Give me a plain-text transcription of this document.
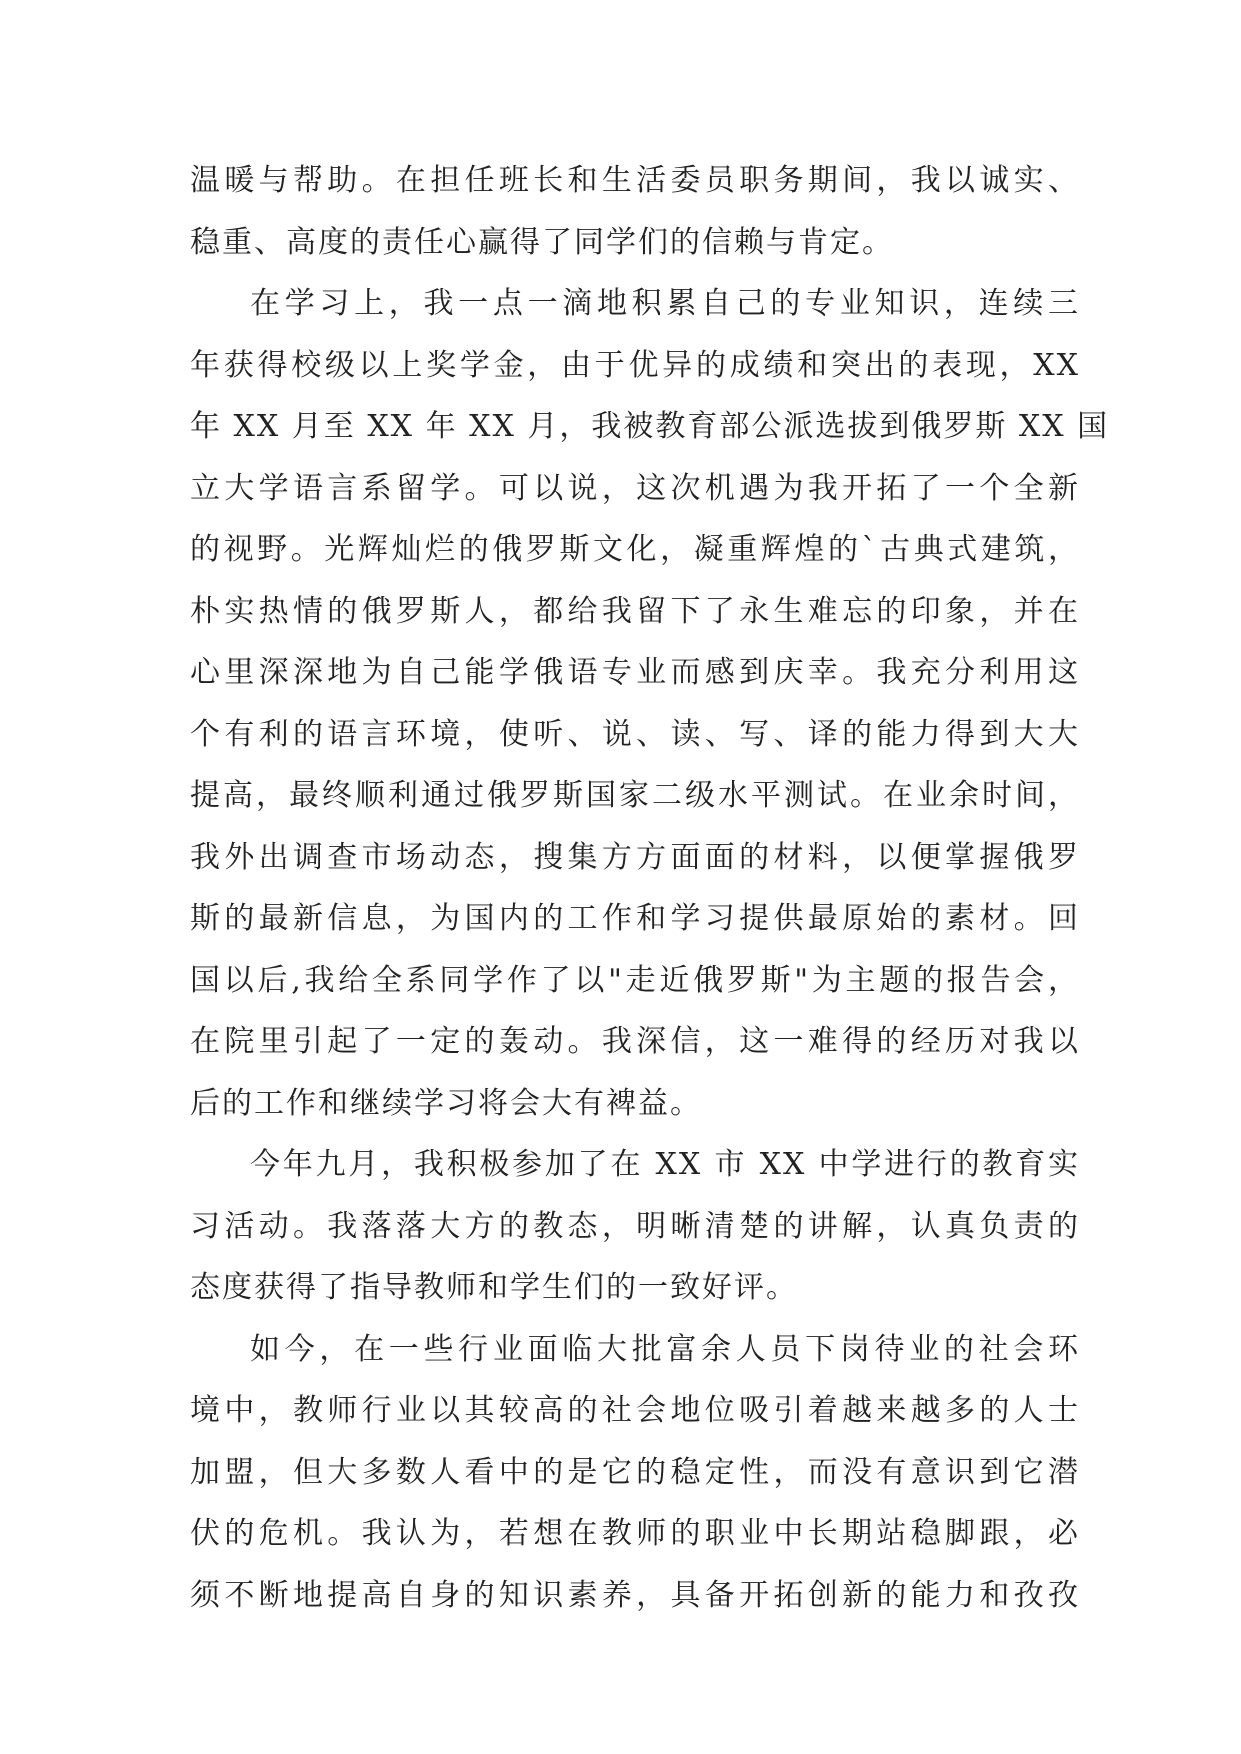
温暖与帮助。在担任班长和生活委员职务期间，我以诚实、
稳重、高度的责任心赢得了同学们的信赖与肯定。
在学习上，我一点一滴地积累自己的专业知识，连续三
年获得校级以上奖学金，由于优异的成绩和突出的表现，XX
年 XX 月至 XX 年 XX 月，我被教育部公派选拔到俄罗斯 XX 国
立大学语言系留学。可以说，这次机遇为我开拓了一个全新
的视野。光辉灿烂的俄罗斯文化，凝重辉煌的`古典式建筑，
朴实热情的俄罗斯人，都给我留下了永生难忘的印象，并在
心里深深地为自己能学俄语专业而感到庆幸。我充分利用这
个有利的语言环境，使听、说、读、写、译的能力得到大大
提高，最终顺利通过俄罗斯国家二级水平测试。在业余时间，
我外出调查市场动态，搜集方方面面的材料，以便掌握俄罗
斯的最新信息，为国内的工作和学习提供最原始的素材。回
国以后,我给全系同学作了以"走近俄罗斯"为主题的报告会，
在院里引起了一定的轰动。我深信，这一难得的经历对我以
后的工作和继续学习将会大有裨益。
今年九月，我积极参加了在 XX 市 XX 中学进行的教育实
习活动。我落落大方的教态，明晰清楚的讲解，认真负责的
态度获得了指导教师和学生们的一致好评。
如今，在一些行业面临大批富余人员下岗待业的社会环
境中，教师行业以其较高的社会地位吸引着越来越多的人士
加盟，但大多数人看中的是它的稳定性，而没有意识到它潜
伏的危机。我认为，若想在教师的职业中长期站稳脚跟，必
须不断地提高自身的知识素养，具备开拓创新的能力和孜孜
